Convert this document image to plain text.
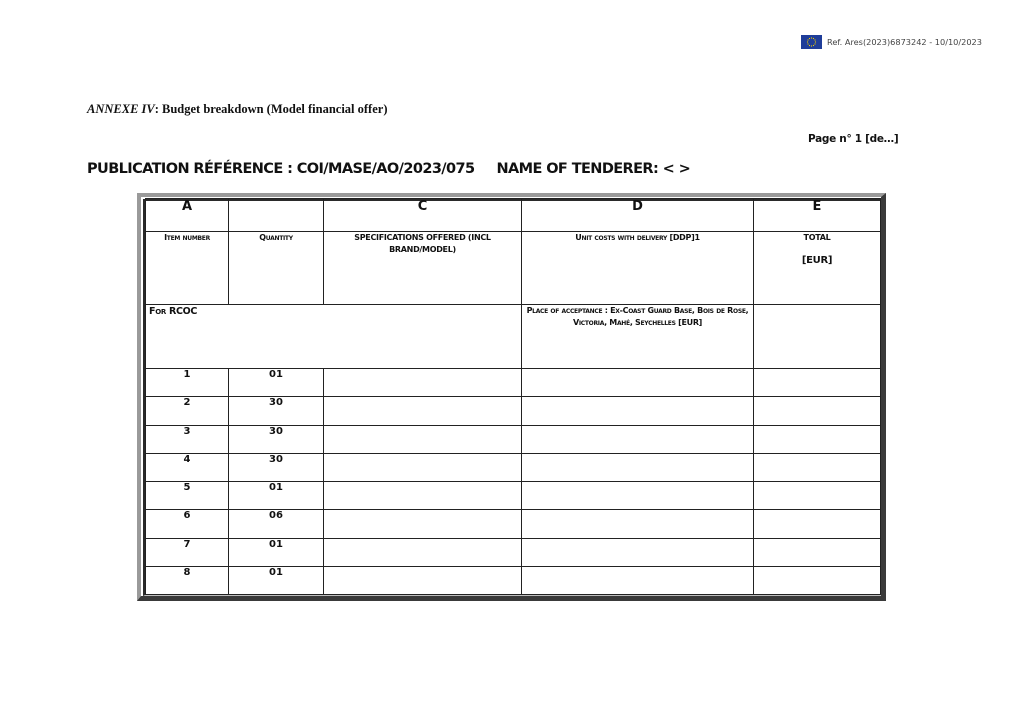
Ref. Ares(2023)6873242 - 10/10/2023
ANNEXE IV: Budget breakdown (Model financial offer)
Page n° 1 [de…]
PUBLICATION RÉFÉRENCE : COI/MASE/AO/2023/075 NAME OF TENDERER: < >
A		C	D	E
Item number	Quantity	SPECIFICATIONS OFFERED (INCL BRAND/MODEL)	Unit costs with delivery [DDP]1	TOTAL
[EUR]

For RCOC			Place of acceptance : Ex-Coast Guard Base, Bois de Rose, Victoria, Mahé, Seychelles [EUR]	
1	01			
2	30			
3	30			
4	30			
5	01			
6	06			
7	01			
8	01			
